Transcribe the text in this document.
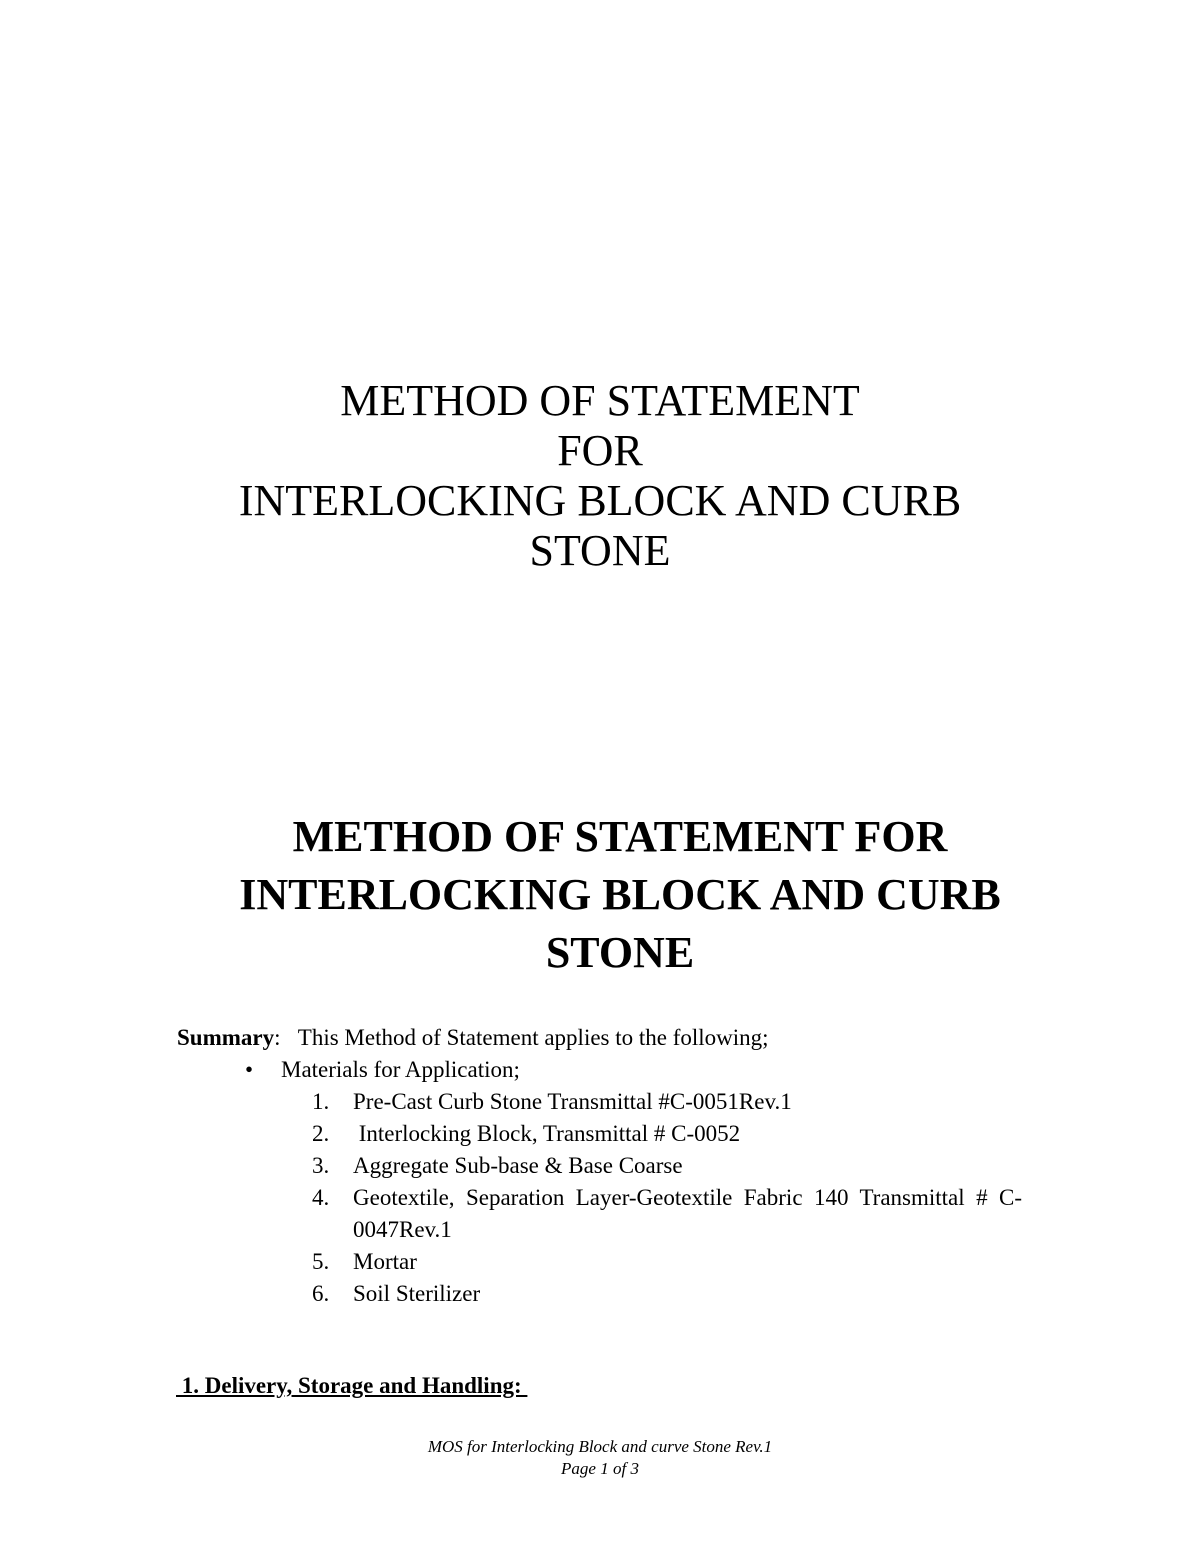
METHOD OF STATEMENT
FOR
INTERLOCKING BLOCK AND CURB
STONE
METHOD OF STATEMENT FOR
INTERLOCKING BLOCK AND CURB
STONE
Summary: This Method of Statement applies to the following;
• Materials for Application;
1.	Pre-Cast Curb Stone Transmittal #C-0051Rev.1
2.	Interlocking Block, Transmittal # C-0052
3.	Aggregate Sub-base & Base Coarse
4.	Geotextile, Separation Layer-Geotextile Fabric 140 Transmittal # C-0047Rev.1
5.	Mortar
6.	Soil Sterilizer
1. Delivery, Storage and Handling:
MOS for Interlocking Block and curve Stone Rev.1
Page 1 of 3
